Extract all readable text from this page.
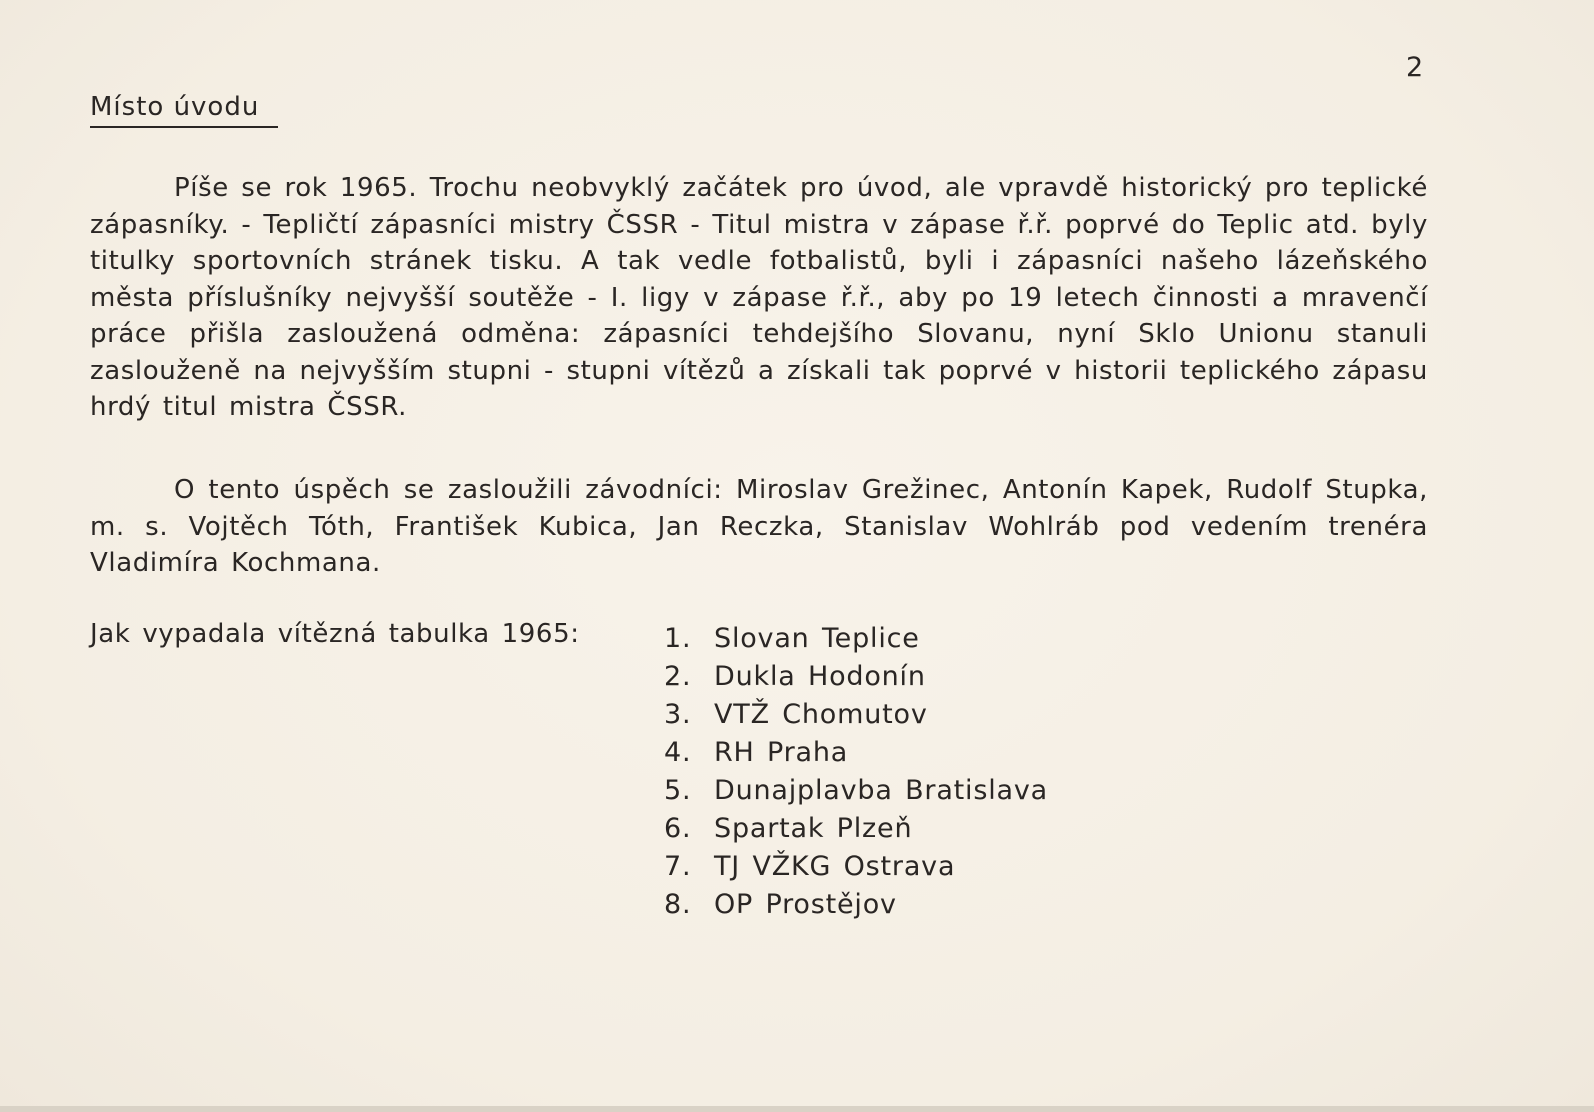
2
Místo úvodu

Píše se rok 1965. Trochu neobvyklý začátek pro úvod, ale vpravdě historický pro teplické zápasníky. - Tepličtí zápasníci mistry ČSSR - Titul mistra v zápase ř.ř. poprvé do Teplic atd. byly titulky sportovních stránek tisku. A tak vedle fotbalistů, byli i zápasníci našeho lázeňského města příslušníky nejvyšší soutěže - I. ligy v zápase ř.ř., aby po 19 letech činnosti a mravenčí práce přišla zasloužená odměna: zápasníci tehdejšího Slovanu, nyní Sklo Unionu stanuli zaslouženě na nejvyšším stupni - stupni vítězů a získali tak poprvé v historii teplického zápasu hrdý titul mistra ČSSR.

O tento úspěch se zasloužili závodníci: Miroslav Grežinec, Antonín Kapek, Rudolf Stupka, m. s. Vojtěch Tóth, František Kubica, Jan Reczka, Stanislav Wohlráb pod vedením trenéra Vladimíra Kochmana.

Jak vypadala vítězná tabulka 1965:	1. Slovan Teplice
2. Dukla Hodonín
3. VTŽ Chomutov
4. RH Praha
5. Dunajplavba Bratislava
6. Spartak Plzeň
7. TJ VŽKG Ostrava
8. OP Prostějov
